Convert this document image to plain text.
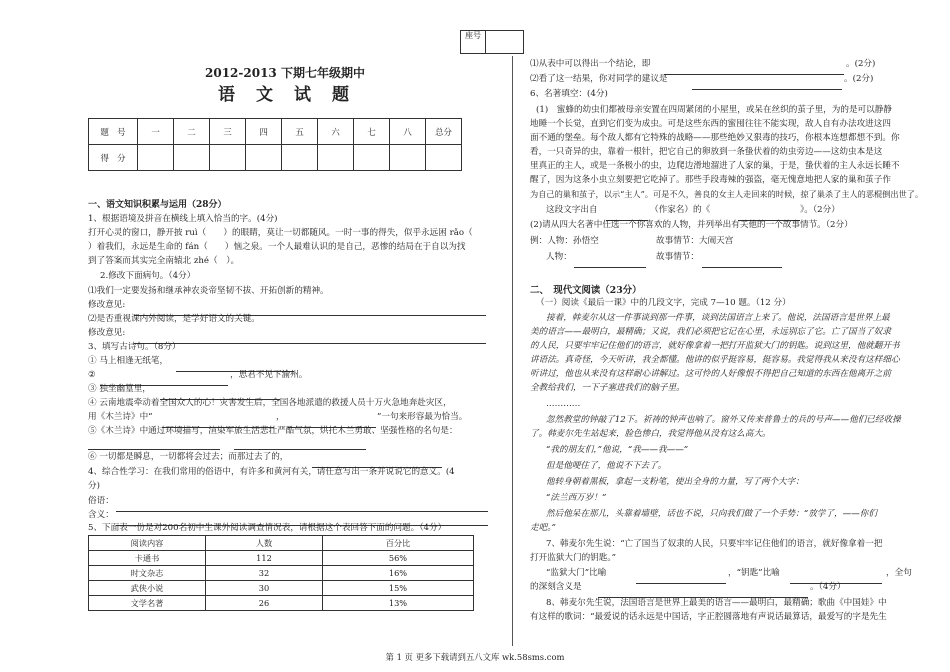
座号
2012-2013 下期七年级期中
语　文　试　题
题　号	一	二	三	四	五	六	七	八	总分
得　分									
一、语文知识积累与运用（28分）
1、根据语境及拼音在横线上填入恰当的字。(4分)
打开心灵的窗口，静开披 ruì（　　）的眼睛，莫让一切都随风。一时一事的得失，似乎永远困 rǎo（
）着我们，永远是生命的 fán（　　）恼之泉。一个人最难认识的是自己，恶惨的结局在于自以为找
到了答案而其实完全南辕北 zhé（　）。
2.修改下面病句。（4分）
⑴我们一定要发扬和继承神农炎帝坚韧不拔、开拓创新的精神。
修改意见:
⑵是否重视课内外阅读，是学好语文的关键。
修改意见:
3、填写古诗句。（8分）
① 马上相逢无纸笔，
②	，思君不见下渝州。
③ 独坐幽篁里，
④ 云南地震牵动着全国众人的心！灾害发生后，全国各地派遣的救援人员十万火急地奔赴灾区，
用《木兰诗》中“	，	”一句来形容最为恰当。
⑤《木兰诗》中通过环境描写，渲染军旅生活悲壮严酷气氛，烘托木兰勇敢、坚强性格的名句是：
⑥ 一切都是瞬息，一切都将会过去；而那过去了的，
4、综合性学习：在我们常用的俗语中，有许多和黄河有关，请任意写出一条并说说它的意义。(4
分)
俗语：
含义：
5、下面表一份是对200名初中生课外阅读调查情况表，请根据这个表回答下面的问题。（4分）
阅读内容	人数	百分比
卡通书	112	56%
时文杂志	32	16%
武侠小说	30	15%
文学名著	26	13%
⑴从表中可以得出一个结论，即	。(2分)
⑵看了这一结果，你对同学的建议是	。(2分)
6、名著填空：(4分)
(1)　蜜蜂的幼虫们都被母亲安置在四周紧闭的小屋里，或呆在丝织的茧子里，为的是可以静静
地睡一个长觉，直到它们变为成虫。可是这些东西的蜜囤往往不能实现，敌人自有办法攻进这四
面不通的堡垒。每个敌人都有它特殊的战略——那些绝妙又狠毒的技巧，你根本连想都想不到。你
看，一只奇异的虫，靠着一根针，把它自己的卵放到一条蛰伏着的幼虫旁边——这幼虫本是这
里真正的主人，或是一条极小的虫，边爬边滑地溜进了人家的巢，于是，蛰伏着的主人永远长睡不
醒了，因为这条小虫立刻要把它吃掉了。那些手段毒辣的强盗，毫无愧意地把人家的巢和茧子作
为自己的巢和茧子，以示“主人”。可是不久，善良的女主人走回来的时候，掠了巢杀了主人的恶棍倒出世了。
这段文字出自	（作家名）的《	》。（2分）
(2)请从四大名著中任选一个你喜欢的人物，并列举出有关他的一个故事情节。（2分）
例：人物：孙悟空	故事情节：大闹天宫
人物：	故事情节：
二、　现代文阅读（23分）
（一）阅读《最后一课》中的几段文字，完成 7—10 题。（12 分）
接着，韩麦尔从这一件事谈到那一件事，谈到法国语言上来了。他说，法国语言是世界上最
美的语言——最明白，最精确；又说，我们必须把它记在心里，永远别忘了它。亡了国当了奴隶
的人民，只要牢牢记住他们的语言，就好像拿着一把打开监狱大门的钥匙。说到这里，他就翻开书
讲语法。真奇怪，今天听讲，我全都懂。他讲的似乎挺容易，挺容易。我觉得我从来没有这样细心
听讲过，他也从来没有这样耐心讲解过。这可怜的人好像恨不得把自己知道的东西在他离开之前
全教给我们，一下子塞进我们的脑子里。
…………
忽然教堂的钟敲了12下。祈祷的钟声也响了。窗外又传来普鲁士的兵的号声——他们已经收操
了。韩麦尔先生站起来，脸色惨白，我觉得他从没有这么高大。
“我的朋友们，”他说，“我——我——”
但是他哽住了，他说不下去了。
他转身朝着黑板，拿起一支粉笔，使出全身的力量，写了两个大字：
“法兰西万岁！”
然后他呆在那儿，头靠着墙壁，话也不说，只向我们做了一个手势：“放学了，——你们
走吧。”
7、韩麦尔先生说：“亡了国当了奴隶的人民，只要牢牢记住他们的语言，就好像拿着一把
打开监狱大门的钥匙。”
“监狱大门”比喻	，“钥匙”比喻	，全句
的深刻含义是	。（4分）
8、韩麦尔先生说，法国语言是世界上最美的语言——最明白，最精确；歌曲《中国娃》中
有这样的歌词：“最爱说的话永远是中国话，字正腔圆落地有声说话最算话，最爱写的字是先生
第 1 页 更多下载请到五八文库 wk.58sms.com
